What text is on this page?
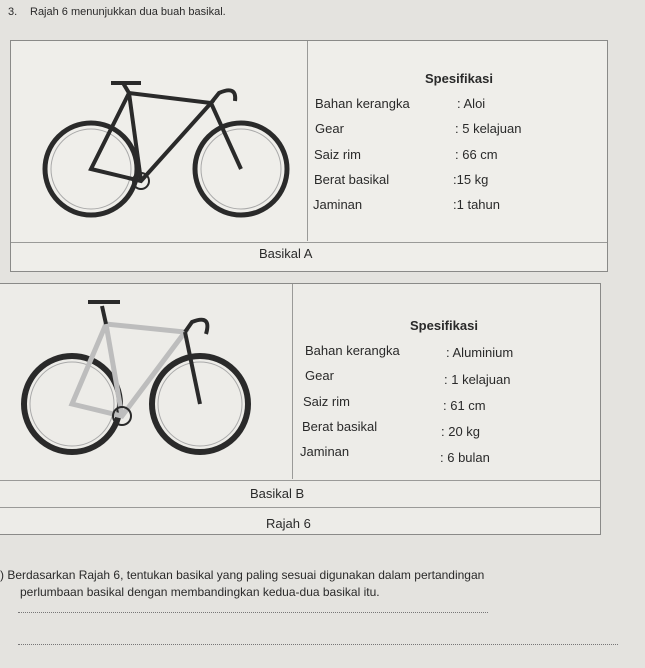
3. Rajah 6 menunjukkan dua buah basikal.
Spesifikasi
Bahan kerangka	: Aloi
Gear	: 5 kelajuan
Saiz rim	: 66 cm
Berat basikal	:15 kg
Jaminan	:1 tahun
Basikal A
Spesifikasi
Bahan kerangka	: Aluminium
Gear	: 1 kelajuan
Saiz rim	: 61 cm
Berat basikal	: 20 kg
Jaminan	: 6 bulan
Basikal B
Rajah 6
) Berdasarkan Rajah 6, tentukan basikal yang paling sesuai digunakan dalam pertandingan
perlumbaan basikal dengan membandingkan kedua-dua basikal itu.
